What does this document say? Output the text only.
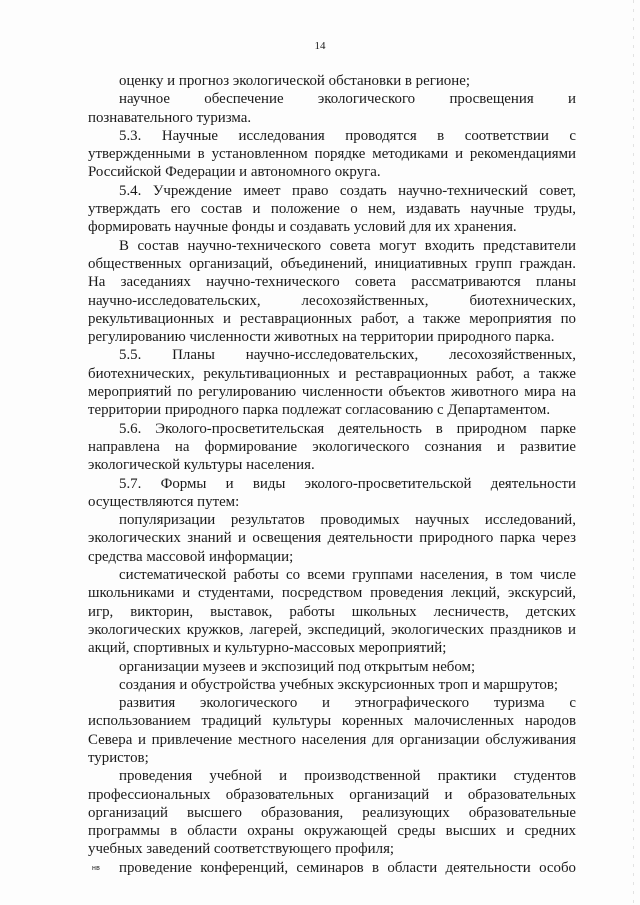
14
оценку и прогноз экологической обстановки в регионе;
научное обеспечение экологического просвещения и
познавательного туризма.
5.3. Научные исследования проводятся в соответствии с
утвержденными в установленном порядке методиками и рекомендациями
Российской Федерации и автономного округа.
5.4. Учреждение имеет право создать научно-технический совет,
утверждать его состав и положение о нем, издавать научные труды,
формировать научные фонды и создавать условий для их хранения.
В состав научно-технического совета могут входить представители
общественных организаций, объединений, инициативных групп граждан.
На заседаниях научно-технического совета рассматриваются планы
научно-исследовательских, лесохозяйственных, биотехнических,
рекультивационных и реставрационных работ, а также мероприятия по
регулированию численности животных на территории природного парка.
5.5. Планы научно-исследовательских, лесохозяйственных,
биотехнических, рекультивационных и реставрационных работ, а также
мероприятий по регулированию численности объектов животного мира на
территории природного парка подлежат согласованию с Департаментом.
5.6. Эколого-просветительская деятельность в природном парке
направлена на формирование экологического сознания и развитие
экологической культуры населения.
5.7. Формы и виды эколого-просветительской деятельности
осуществляются путем:
популяризации результатов проводимых научных исследований,
экологических знаний и освещения деятельности природного парка через
средства массовой информации;
систематической работы со всеми группами населения, в том числе
школьниками и студентами, посредством проведения лекций, экскурсий,
игр, викторин, выставок, работы школьных лесничеств, детских
экологических кружков, лагерей, экспедиций, экологических праздников и
акций, спортивных и культурно-массовых мероприятий;
организации музеев и экспозиций под открытым небом;
создания и обустройства учебных экскурсионных троп и маршрутов;
развития экологического и этнографического туризма с
использованием традиций культуры коренных малочисленных народов
Севера и привлечение местного населения для организации обслуживания
туристов;
проведения учебной и производственной практики студентов
профессиональных образовательных организаций и образовательных
организаций высшего образования, реализующих образовательные
программы в области охраны окружающей среды высших и средних
учебных заведений соответствующего профиля;
проведение конференций, семинаров в области деятельности особо
нв
